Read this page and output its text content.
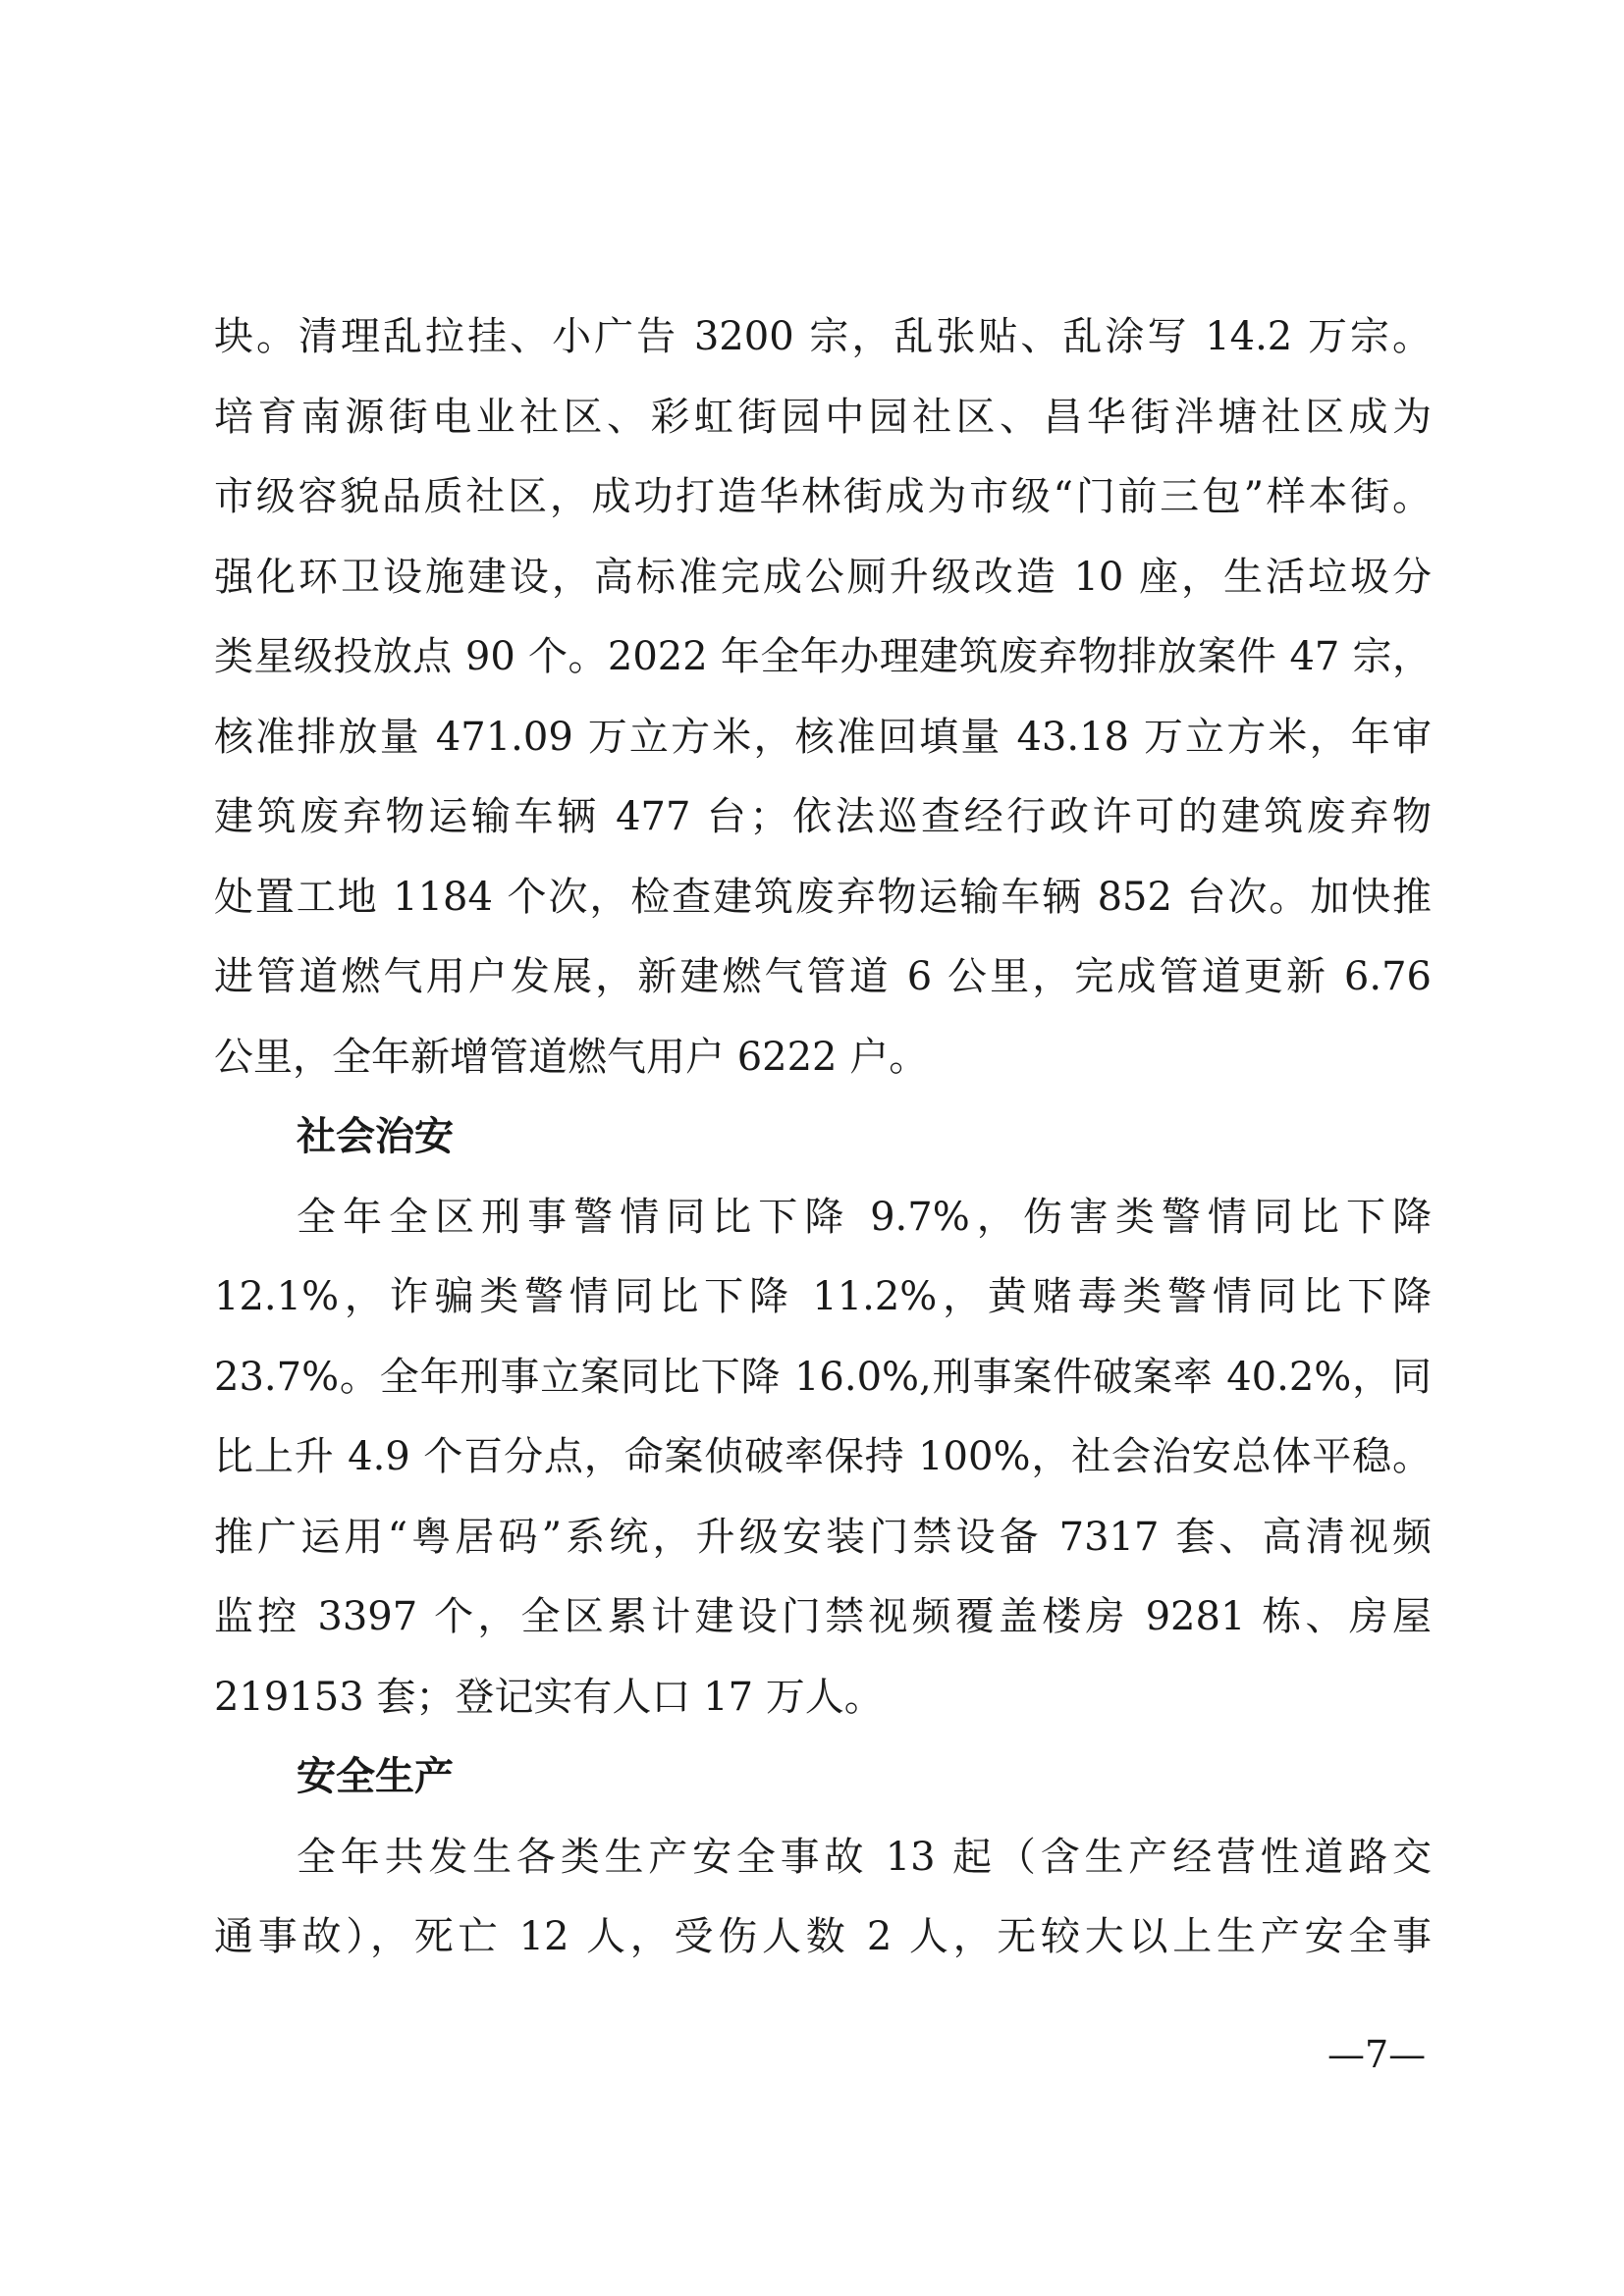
块。清理乱拉挂、小广告 3200 宗，乱张贴、乱涂写 14.2 万宗。
培育南源街电业社区、彩虹街园中园社区、昌华街泮塘社区成为
市级容貌品质社区，成功打造华林街成为市级“门前三包”样本街。
强化环卫设施建设，高标准完成公厕升级改造 10 座，生活垃圾分
类星级投放点 90 个。2022 年全年办理建筑废弃物排放案件 47 宗，
核准排放量 471.09 万立方米，核准回填量 43.18 万立方米，年审
建筑废弃物运输车辆 477 台；依法巡查经行政许可的建筑废弃物
处置工地 1184 个次，检查建筑废弃物运输车辆 852 台次。加快推
进管道燃气用户发展，新建燃气管道 6 公里，完成管道更新 6.76
公里，全年新增管道燃气用户 6222 户。
社会治安
全年全区刑事警情同比下降 9.7%，伤害类警情同比下降
12.1%，诈骗类警情同比下降 11.2%，黄赌毒类警情同比下降
23.7%。全年刑事立案同比下降 16.0%,刑事案件破案率 40.2%，同
比上升 4.9 个百分点，命案侦破率保持 100%，社会治安总体平稳。
推广运用“粤居码”系统，升级安装门禁设备 7317 套、高清视频
监控 3397 个，全区累计建设门禁视频覆盖楼房 9281 栋、房屋
219153 套；登记实有人口 17 万人。
安全生产
全年共发生各类生产安全事故 13 起（含生产经营性道路交
通事故），死亡 12 人，受伤人数 2 人，无较大以上生产安全事
—7—
